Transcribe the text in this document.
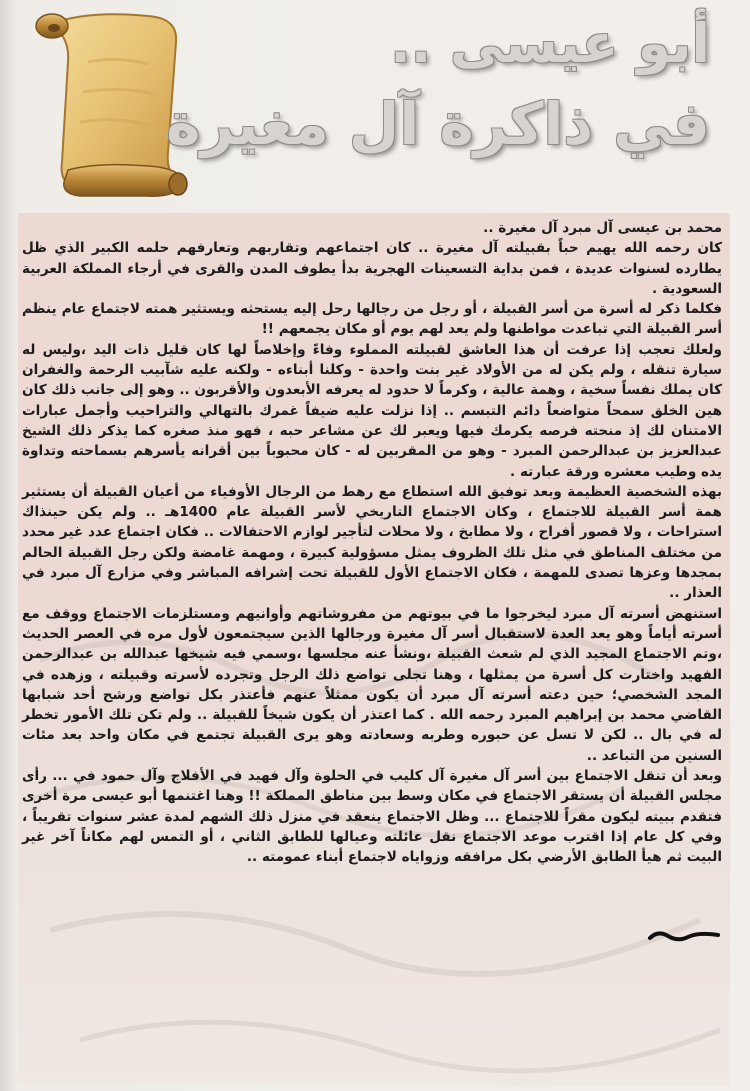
أبو عيسى ..
في ذاكرة آل مغيرة

محمد بن عيسى آل مبرد آل مغيرة ..

كان رحمه الله يهيم حباً بقبيلته آل مغيرة .. كان اجتماعهم وتقاربهم وتعارفهم حلمه الكبير الذي ظل يطارده لسنوات عديدة ، فمن بداية التسعينات الهجرية بدأ يطوف المدن والقرى في أرجاء المملكة العربية السعودية .

فكلما ذكر له أسرة من أسر القبيلة ، أو رجل من رجالها رحل إليه يستحثه ويستثير همته لاجتماع عام ينظم أسر القبيلة التي تباعدت مواطنها ولم يعد لهم يوم أو مكان يجمعهم !!

ولعلك تعجب إذا عرفت أن هذا العاشق لقبيلته المملوء وفاءً وإخلاصاً لها كان قليل ذات اليد ،وليس له سيارة تنقله ، ولم يكن له من الأولاد غير بنت واحدة - وكلنا أبناءه - ولكنه عليه شآبيب الرحمة والغفران كان يملك نفساً سخية ، وهمة عالية ، وكرماً لا حدود له يعرفه الأبعدون والأقربون .. وهو إلى جانب ذلك كان هين الخلق سمحاً متواضعاً دائم التبسم .. إذا نزلت عليه ضيفاً غمرك بالتهالي والتراحيب وأجمل عبارات الامتنان لك إذ منحته فرصه يكرمك فيها ويعبر لك عن مشاعر حبه ، فهو منذ صغره كما يذكر ذلك الشيخ عبدالعزيز بن عبدالرحمن المبرد - وهو من المقربين له - كان محبوباً بين أقرانه يأسرهم بسماحته وتداوة يده وطيب معشره ورقة عبارته .

بهذه الشخصية العظيمة وبعد توفيق الله استطاع مع رهط من الرجال الأوفياء من أعيان القبيلة أن يستثير همة أسر القبيلة للاجتماع ، وكان الاجتماع التاريخي لأسر القبيلة عام 1400هـ .. ولم يكن حينذاك استراحات ، ولا قصور أفراح ، ولا مطابخ ، ولا محلات لتأجير لوازم الاحتفالات .. فكان اجتماع عدد غير محدد من مختلف المناطق في مثل تلك الظروف يمثل مسؤولية كبيرة ، ومهمة غامضة ولكن رجل القبيلة الحالم بمجدها وعزها تصدى للمهمة ، فكان الاجتماع الأول للقبيلة تحت إشرافه المباشر وفي مزارع آل مبرد في العذار ..

استنهض أسرته آل مبرد ليخرجوا ما في بيوتهم من مفروشاتهم وأوانيهم ومستلزمات الاجتماع ووقف مع أسرته أياماً وهو يعد العدة لاستقبال أسر آل مغيرة ورجالها الذين سيجتمعون لأول مره في العصر الحديث ،وتم الاجتماع المجيد الذي لم شعث القبيلة ،ونشأ عنه مجلسها ،وسمي فيه شيخها عبدالله بن عبدالرحمن الفهيد واختارت كل أسرة من يمثلها ، وهنا تجلى تواضع ذلك الرجل وتجرده لأسرته وقبيلته ، وزهده في المجد الشخصي؛ حين دعته أسرته آل مبرد أن يكون ممثلاً عنهم فأعتذر بكل تواضع ورشح أحد شبابها القاضي محمد بن إبراهيم المبرد رحمه الله . كما اعتذر أن يكون شيخاً للقبيلة .. ولم تكن تلك الأمور تخطر له في بال .. لكن لا تسل عن حبوره وطربه وسعادته وهو يرى القبيلة تجتمع في مكان واحد بعد مئات السنين من التباعد ..

وبعد أن تنقل الاجتماع بين أسر آل مغيرة آل كليب في الحلوة وآل فهيد في الأفلاج وآل حمود في ... رأى مجلس القبيلة أن يستقر الاجتماع في مكان وسط بين مناطق المملكة !! وهنا اغتنمها أبو عيسى مرة أخرى فتقدم ببيته ليكون مقراً للاجتماع ... وظل الاجتماع ينعقد في منزل ذلك الشهم لمدة عشر سنوات تقريباً ، وفي كل عام إذا اقترب موعد الاجتماع نقل عائلته وعيالها للطابق الثاني ، أو التمس لهم مكاناً آخر غير البيت ثم هيأ الطابق الأرضي بكل مرافقه وزواياه لاجتماع أبناء عمومته ..
